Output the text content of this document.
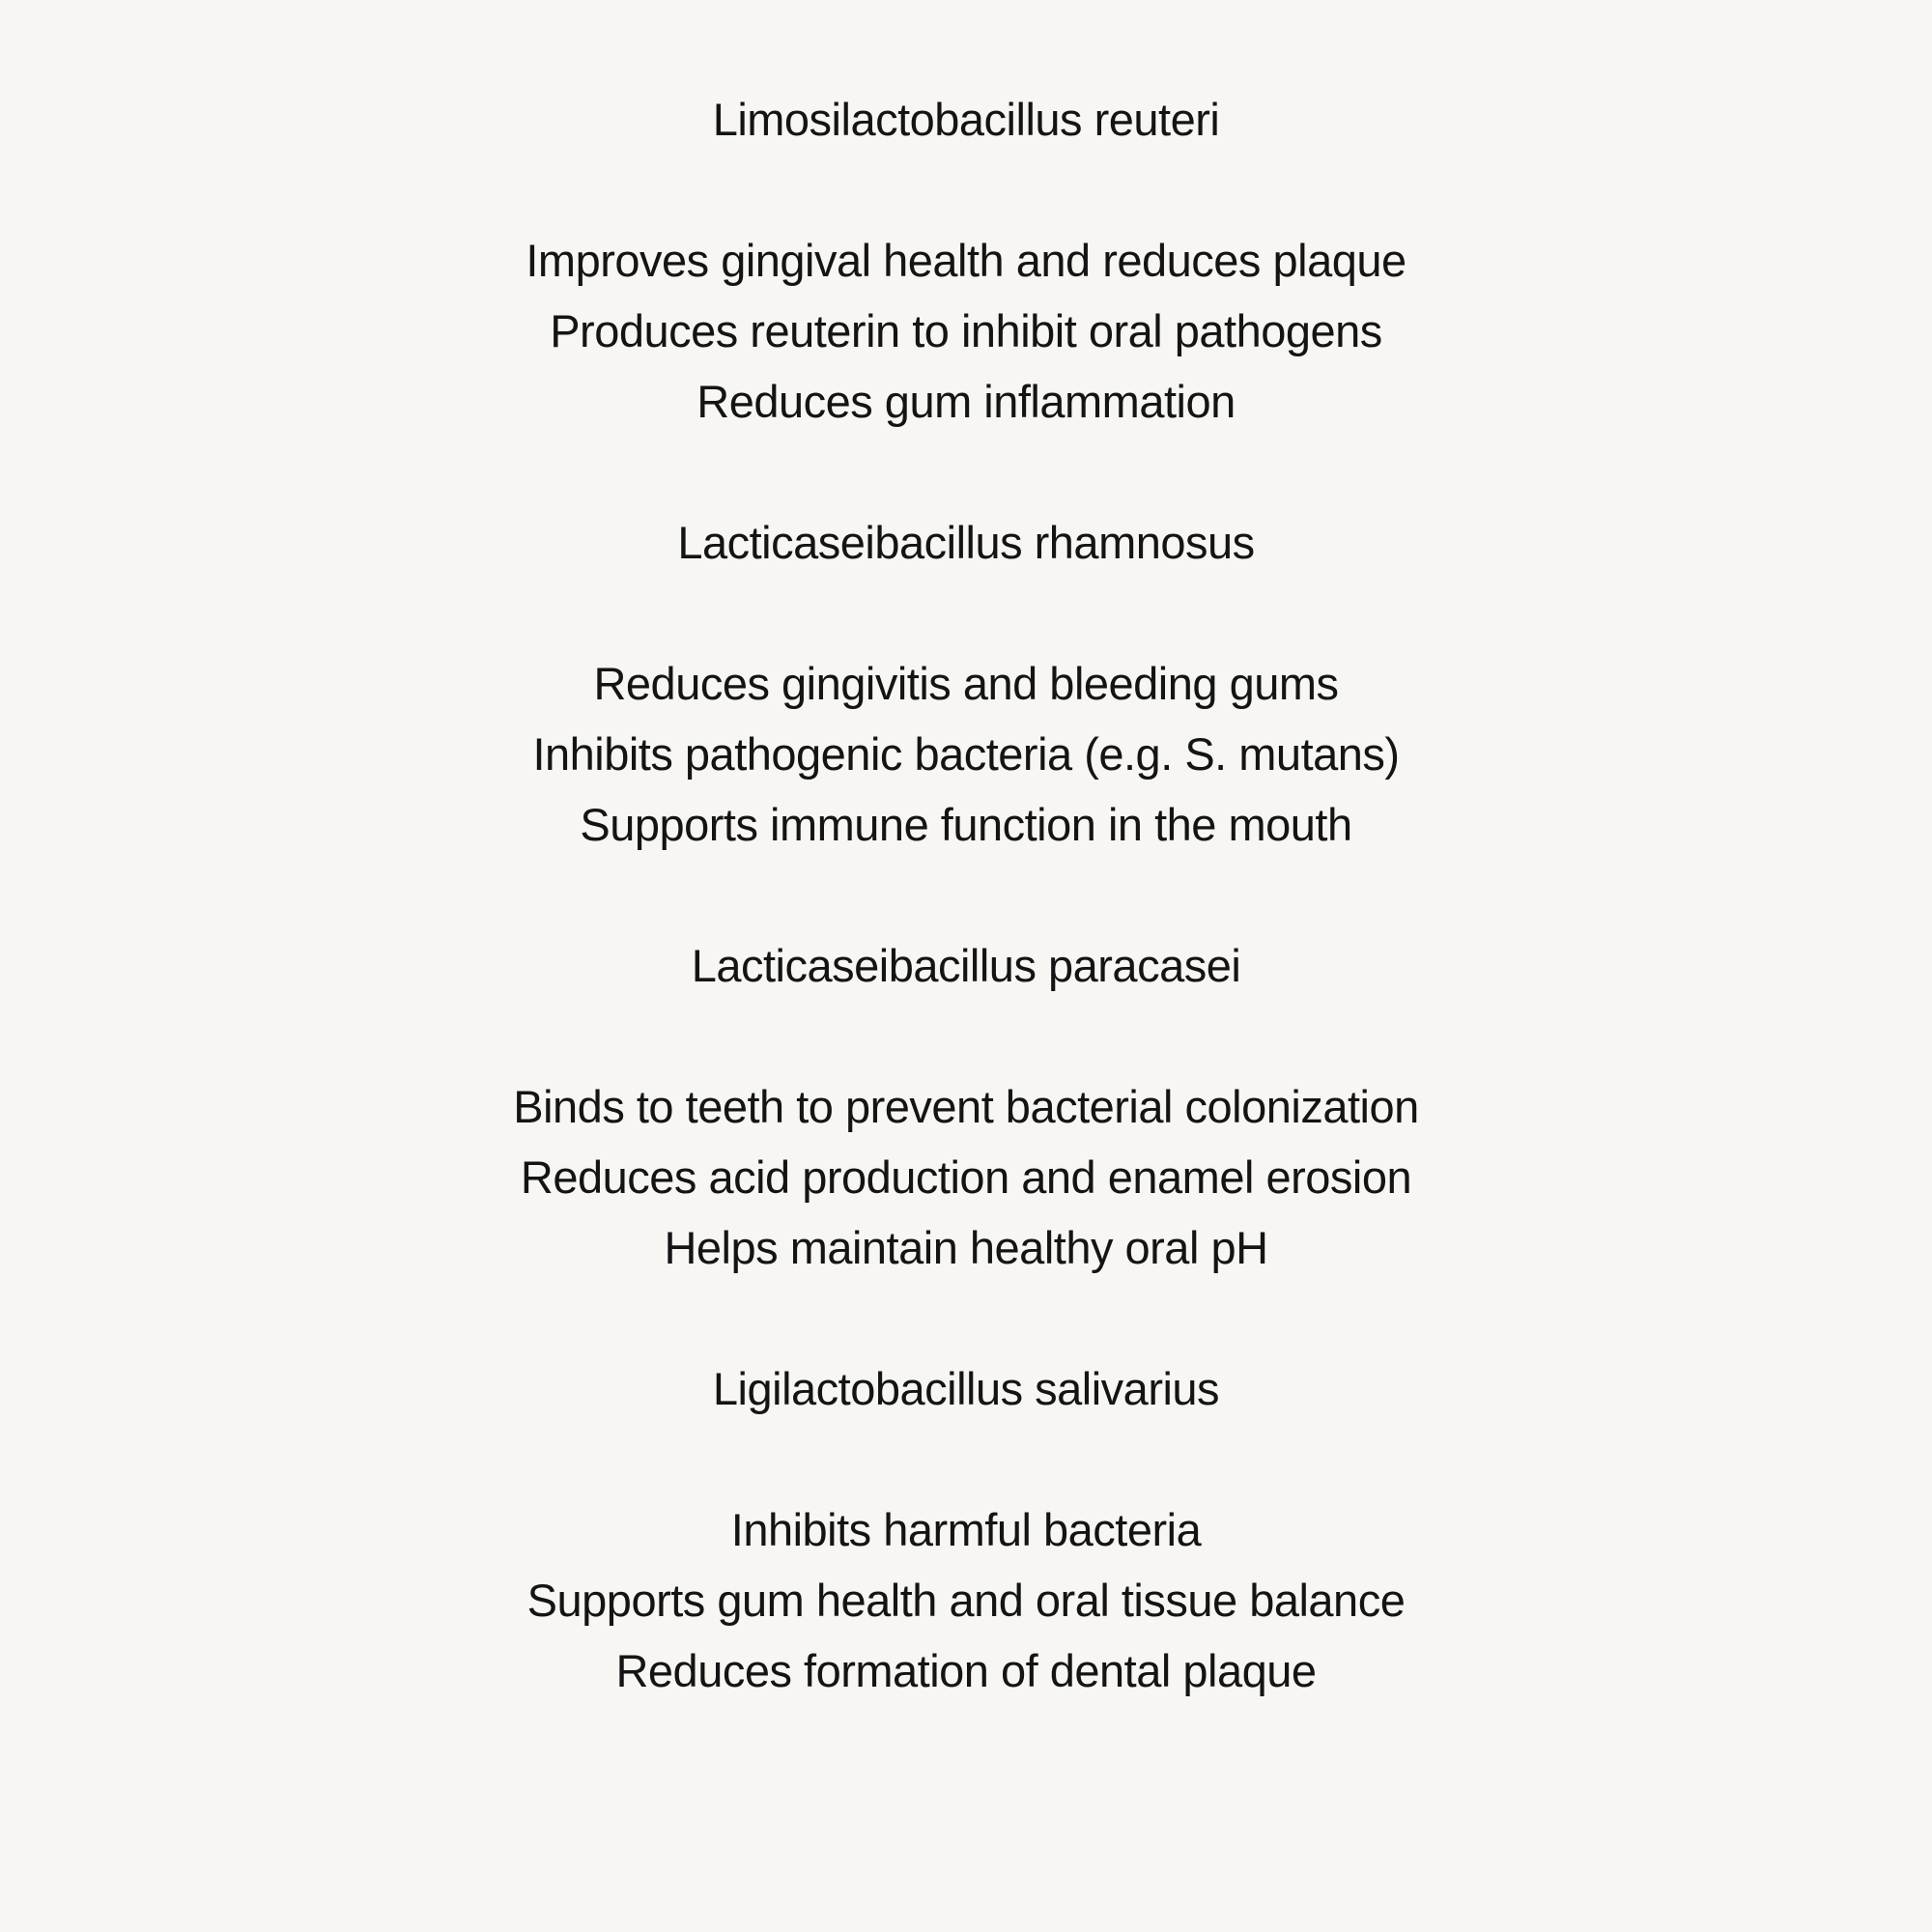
Limosilactobacillus reuteri
Improves gingival health and reduces plaque
Produces reuterin to inhibit oral pathogens
Reduces gum inflammation
Lacticaseibacillus rhamnosus
Reduces gingivitis and bleeding gums
Inhibits pathogenic bacteria (e.g. S. mutans)
Supports immune function in the mouth
Lacticaseibacillus paracasei
Binds to teeth to prevent bacterial colonization
Reduces acid production and enamel erosion
Helps maintain healthy oral pH
Ligilactobacillus salivarius
Inhibits harmful bacteria
Supports gum health and oral tissue balance
Reduces formation of dental plaque
